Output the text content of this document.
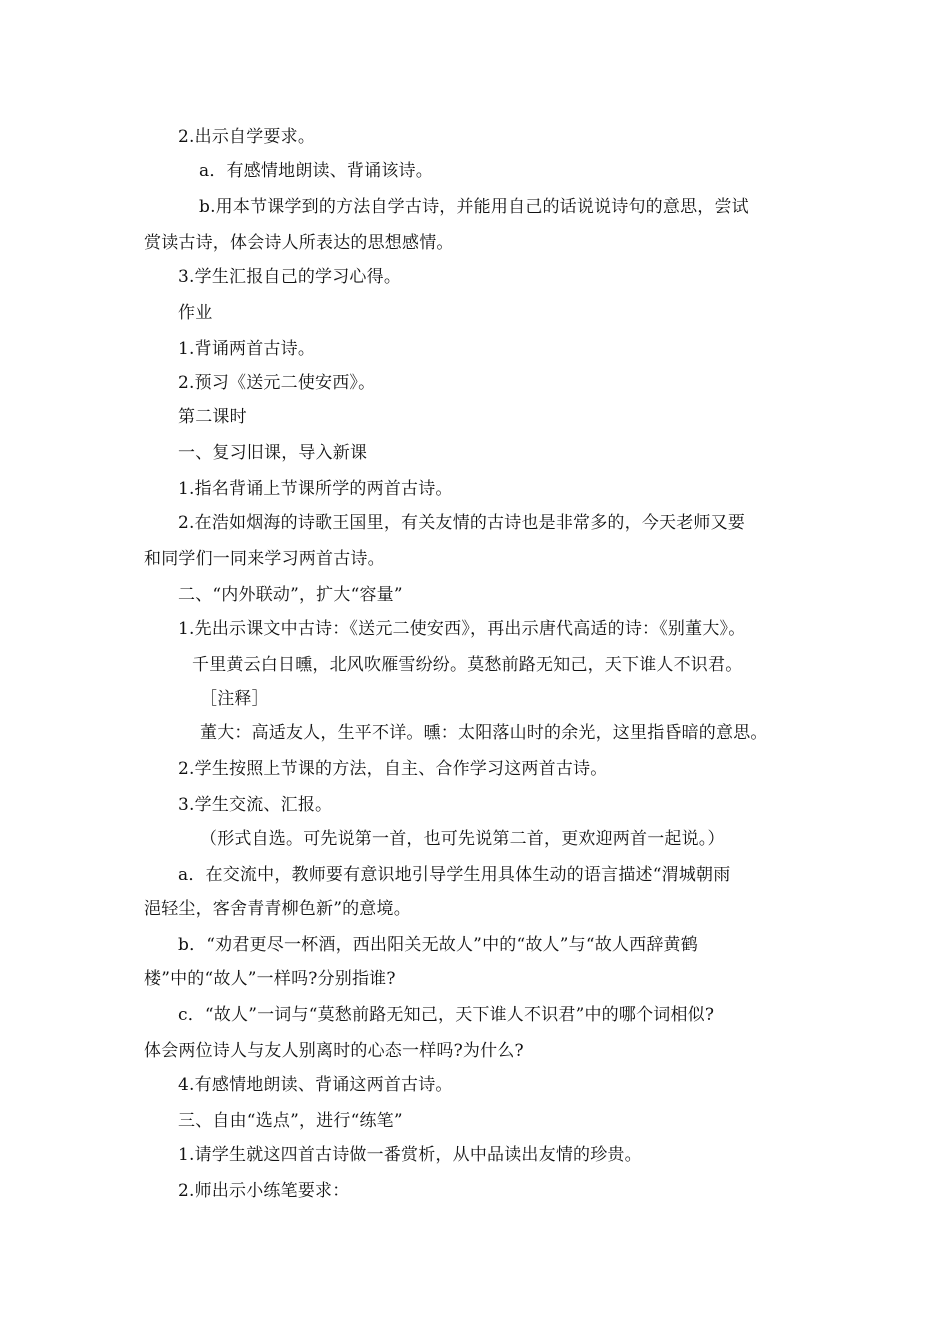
2.出示自学要求。
a．有感情地朗读、背诵该诗。
b.用本节课学到的方法自学古诗，并能用自己的话说说诗句的意思，尝试
赏读古诗，体会诗人所表达的思想感情。
3.学生汇报自己的学习心得。
作业
1.背诵两首古诗。
2.预习《送元二使安西》。
第二课时
一、复习旧课，导入新课
1.指名背诵上节课所学的两首古诗。
2.在浩如烟海的诗歌王国里，有关友情的古诗也是非常多的，今天老师又要
和同学们一同来学习两首古诗。
二、“内外联动”，扩大“容量”
1.先出示课文中古诗：《送元二使安西》，再出示唐代高适的诗：《别董大》。
千里黄云白日曛，北风吹雁雪纷纷。莫愁前路无知己，天下谁人不识君。
［注释］
董大：高适友人，生平不详。曛：太阳落山时的余光，这里指昏暗的意思。
2.学生按照上节课的方法，自主、合作学习这两首古诗。
3.学生交流、汇报。
（形式自选。可先说第一首，也可先说第二首，更欢迎两首一起说。）
a．在交流中，教师要有意识地引导学生用具体生动的语言描述“渭城朝雨
浥轻尘，客舍青青柳色新”的意境。
b．“劝君更尽一杯酒，西出阳关无故人”中的“故人”与“故人西辞黄鹤
楼”中的“故人”一样吗?分别指谁?
c．“故人”一词与“莫愁前路无知己，天下谁人不识君”中的哪个词相似?
体会两位诗人与友人别离时的心态一样吗?为什么?
4.有感情地朗读、背诵这两首古诗。
三、自由“选点”，进行“练笔”
1.请学生就这四首古诗做一番赏析，从中品读出友情的珍贵。
2.师出示小练笔要求：
